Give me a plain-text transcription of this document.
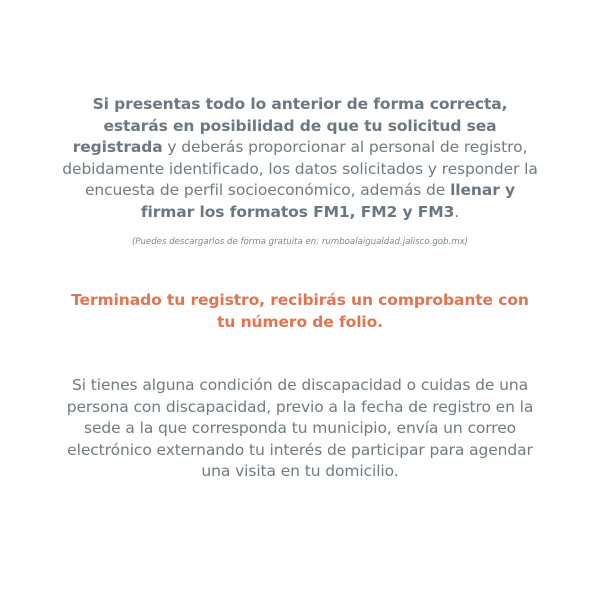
Si presentas todo lo anterior de forma correcta, estarás en posibilidad de que tu solicitud sea registrada y deberás proporcionar al personal de registro, debidamente identificado, los datos solicitados y responder la encuesta de perfil socioeconómico, además de llenar y firmar los formatos FM1, FM2 y FM3.

(Puedes descargarlos de forma gratuita en: rumboalaigualdad.jalisco.gob.mx)

Terminado tu registro, recibirás un comprobante con tu número de folio.

Si tienes alguna condición de discapacidad o cuidas de una persona con discapacidad, previo a la fecha de registro en la sede a la que corresponda tu municipio, envía un correo electrónico externando tu interés de participar para agendar una visita en tu domicilio.
